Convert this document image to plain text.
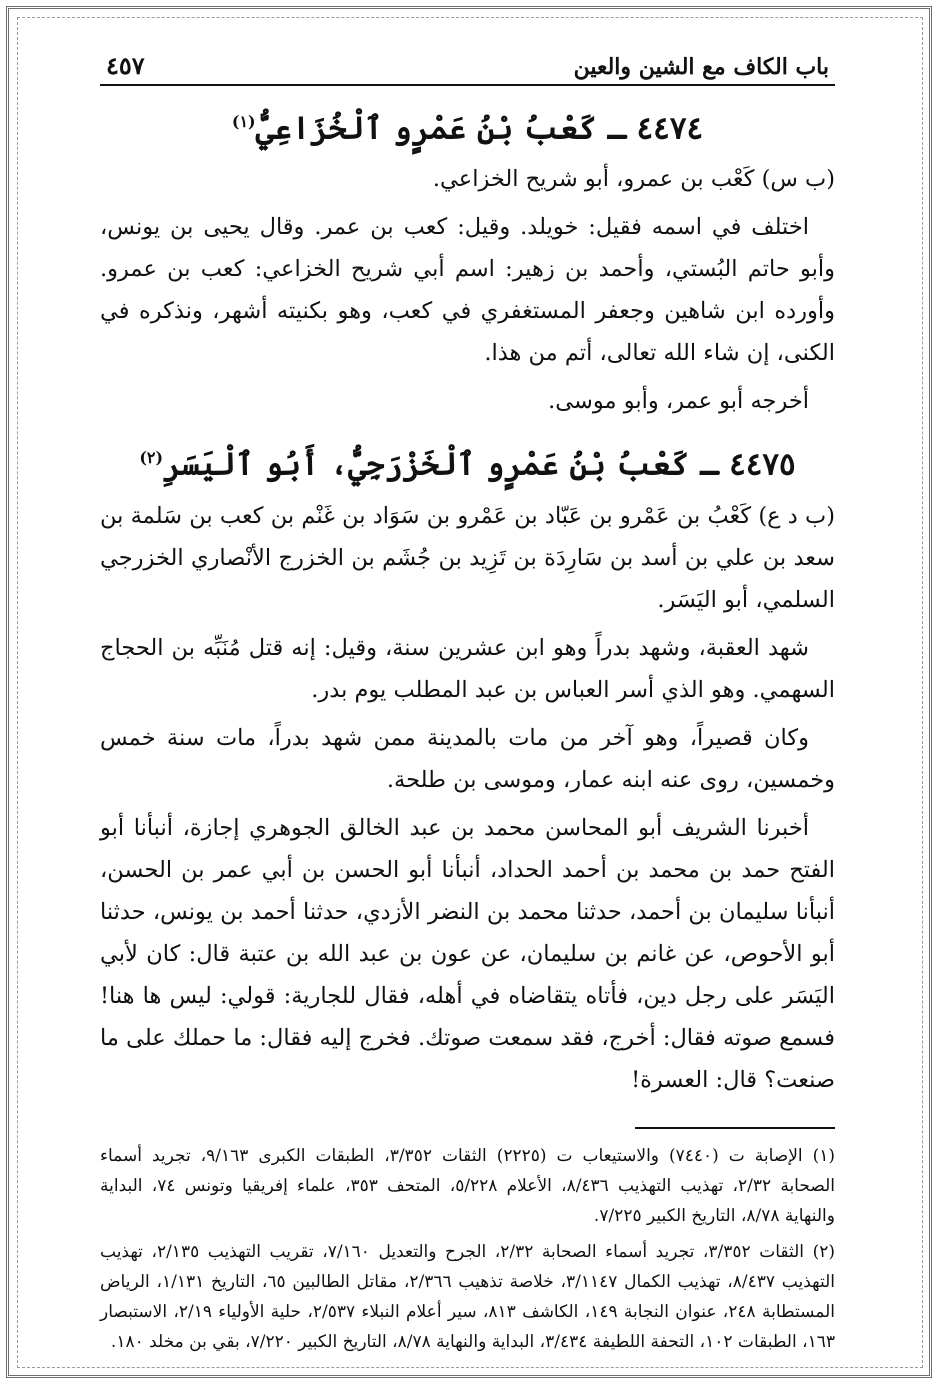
باب الكاف مع الشين والعين
٤٥٧
٤٤٧٤ ـ كَعْبُ بْنُ عَمْرٍو ٱلْخُزَاعِيُّ$^{(١)}$

(ب س) كَعْب بن عمرو، أبو شريح الخزاعي.

اختلف في اسمه فقيل: خويلد. وقيل: كعب بن عمر. وقال يحيى بن يونس، وأبو حاتم البُستي، وأحمد بن زهير: اسم أبي شريح الخزاعي: كعب بن عمرو. وأورده ابن شاهين وجعفر المستغفري في كعب، وهو بكنيته أشهر، ونذكره في الكنى، إن شاء الله تعالى، أتم من هذا.

أخرجه أبو عمر، وأبو موسى.

٤٤٧٥ ـ كَعْبُ بْنُ عَمْرٍو ٱلْخَزْرَجِيُّ، أَبُو ٱلْيَسَرِ$^{(٢)}$

(ب د ع) كَعْبُ بن عَمْرو بن عَبّاد بن عَمْرو بن سَوَاد بن غَنْم بن كعب بن سَلمة بن سعد بن علي بن أسد بن سَارِدَة بن تَزِيد بن جُشَم بن الخزرج الأنْصاري الخزرجي السلمي، أبو اليَسَر.

شهد العقبة، وشهد بدراً وهو ابن عشرين سنة، وقيل: إنه قتل مُنَبِّه بن الحجاج السهمي. وهو الذي أسر العباس بن عبد المطلب يوم بدر.

وكان قصيراً، وهو آخر من مات بالمدينة ممن شهد بدراً، مات سنة خمس وخمسين، روى عنه ابنه عمار، وموسى بن طلحة.

أخبرنا الشريف أبو المحاسن محمد بن عبد الخالق الجوهري إجازة، أنبأنا أبو الفتح حمد بن محمد بن أحمد الحداد، أنبأنا أبو الحسن بن أبي عمر بن الحسن، أنبأنا سليمان بن أحمد، حدثنا محمد بن النضر الأزدي، حدثنا أحمد بن يونس، حدثنا أبو الأحوص، عن غانم بن سليمان، عن عون بن عبد الله بن عتبة قال: كان لأبي اليَسَر على رجل دين، فأتاه يتقاضاه في أهله، فقال للجارية: قولي: ليس ها هنا! فسمع صوته فقال: أخرج، فقد سمعت صوتك. فخرج إليه فقال: ما حملك على ما صنعت؟ قال: العسرة!

(١) الإصابة ت (٧٤٤٠) والاستيعاب ت (٢٢٢٥) الثقات ٣/٣٥٢، الطبقات الكبرى ٩/١٦٣، تجريد أسماء الصحابة ٢/٣٢، تهذيب التهذيب ٨/٤٣٦، الأعلام ٥/٢٢٨، المتحف ٣٥٣، علماء إفريقيا وتونس ٧٤، البداية والنهاية ٨/٧٨، التاريخ الكبير ٧/٢٢٥.

(٢) الثقات ٣/٣٥٢، تجريد أسماء الصحابة ٢/٣٢، الجرح والتعديل ٧/١٦٠، تقريب التهذيب ٢/١٣٥، تهذيب التهذيب ٨/٤٣٧، تهذيب الكمال ٣/١١٤٧، خلاصة تذهيب ٢/٣٦٦، مقاتل الطالبين ٦٥، التاريخ ١/١٣١، الرياض المستطابة ٢٤٨، عنوان النجابة ١٤٩، الكاشف ٨١٣، سير أعلام النبلاء ٢/٥٣٧، حلية الأولياء ٢/١٩، الاستبصار ١٦٣، الطبقات ١٠٢، التحفة اللطيفة ٣/٤٣٤، البداية والنهاية ٨/٧٨، التاريخ الكبير ٧/٢٢٠، بقي بن مخلد ١٨٠.
